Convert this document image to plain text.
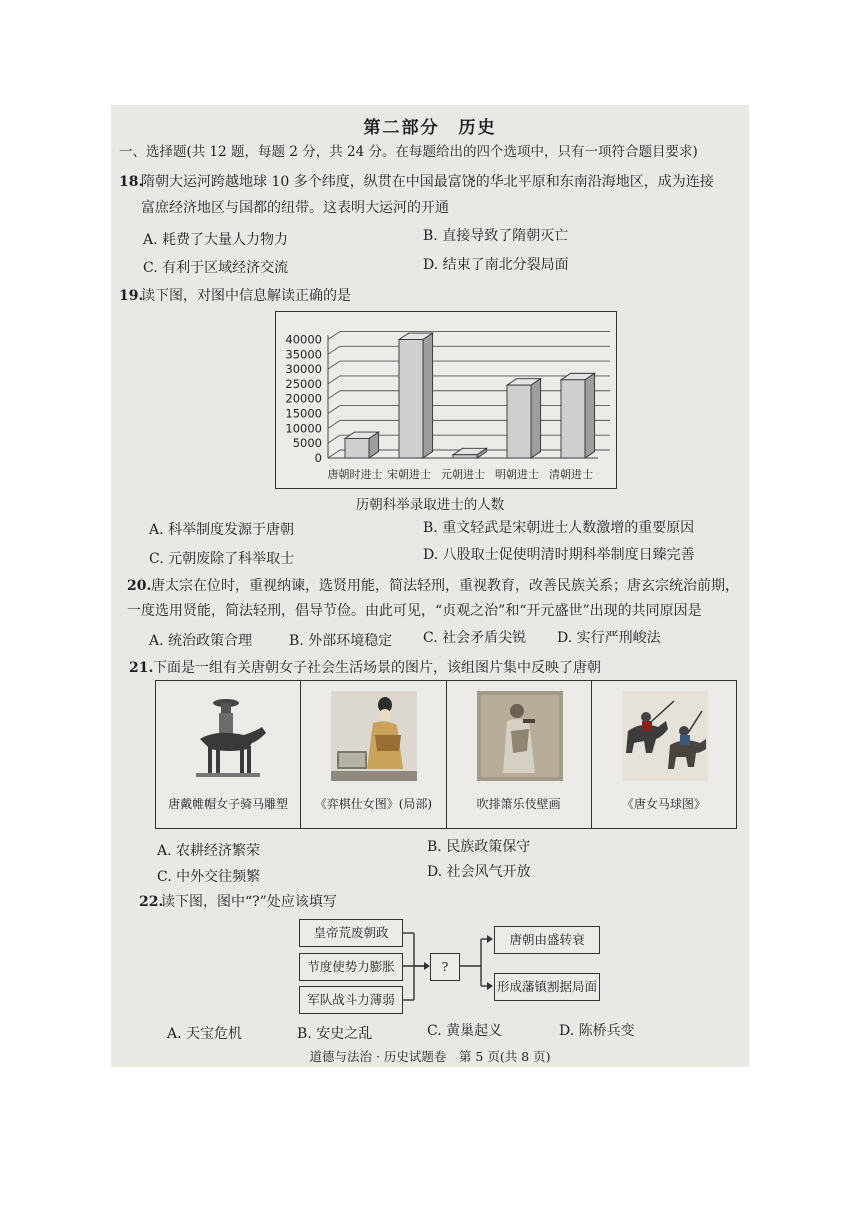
第二部分　历史
一、选择题(共 12 题，每题 2 分，共 24 分。在每题给出的四个选项中，只有一项符合题目要求)
18.
隋朝大运河跨越地球 10 多个纬度，纵贯在中国最富饶的华北平原和东南沿海地区，成为连接
富庶经济地区与国都的纽带。这表明大运河的开通
A. 耗费了大量人力物力	B. 直接导致了隋朝灭亡
C. 有利于区域经济交流	D. 结束了南北分裂局面
19.
读下图，对图中信息解读正确的是
0
5000
10000
15000
20000
25000
30000
35000
40000
唐朝时进士 宋朝进士 元朝进士 明朝进士 清朝进士
历朝科举录取进士的人数
A. 科举制度发源于唐朝	B. 重文轻武是宋朝进士人数激增的重要原因
C. 元朝废除了科举取士	D. 八股取士促使明清时期科举制度日臻完善
20. 唐太宗在位时，重视纳谏，选贤用能，简法轻刑，重视教育，改善民族关系；唐玄宗统治前期，
一度选用贤能，简法轻刑，倡导节俭。由此可见，“贞观之治”和“开元盛世”出现的共同原因是
A. 统治政策合理	B. 外部环境稳定 C. 社会矛盾尖锐 D. 实行严刑峻法
21. 下面是一组有关唐朝女子社会生活场景的图片，该组图片集中反映了唐朝
唐戴帷帽女子骑马雕塑	《弈棋仕女图》(局部)	吹排箫乐伎壁画	《唐女马球图》
A. 农耕经济繁荣	B. 民族政策保守
C. 中外交往频繁	D. 社会风气开放
22.
读下图，图中“?”处应该填写
皇帝荒废朝政
节度使势力膨胀
军队战斗力薄弱
?
唐朝由盛转衰
形成藩镇割据局面
A. 天宝危机	B. 安史之乱	C. 黄巢起义	D. 陈桥兵变
道德与法治 · 历史试题卷　第 5 页(共 8 页)
